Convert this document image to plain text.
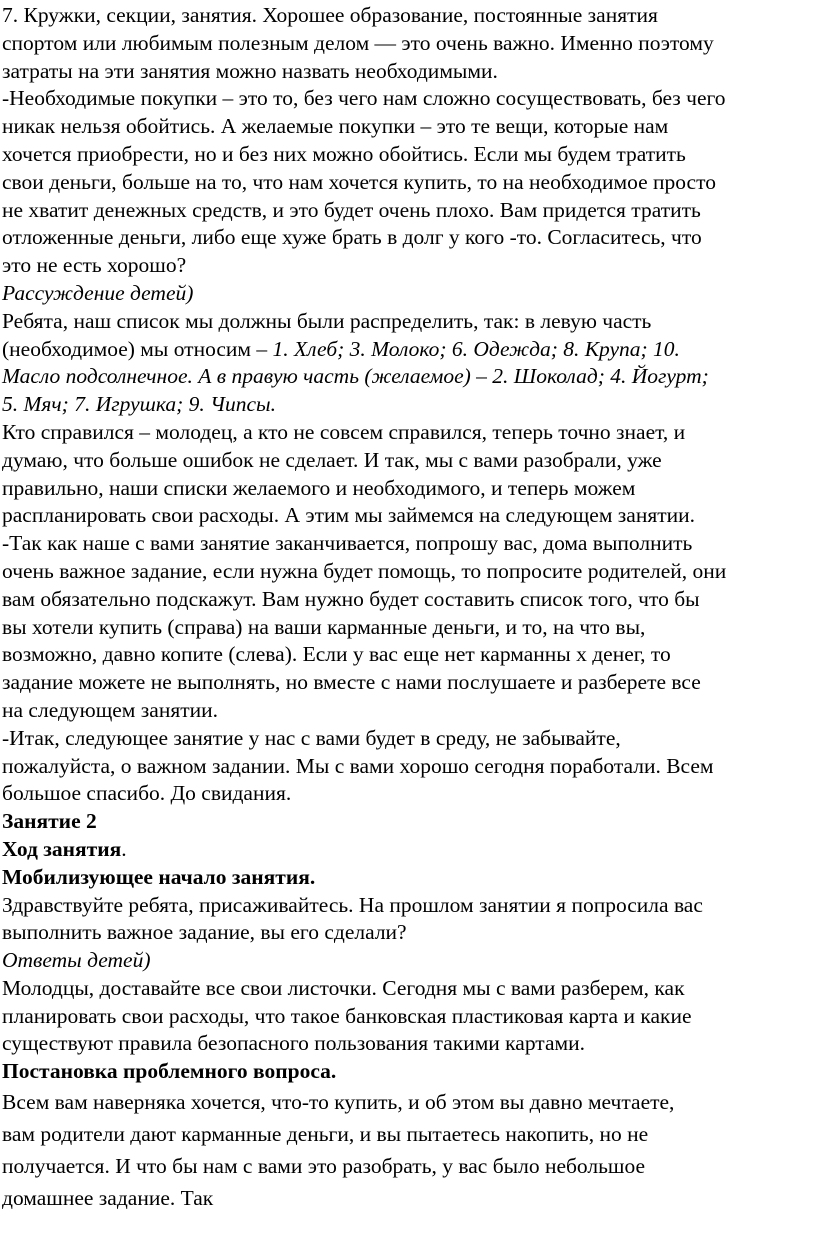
7. Кружки, секции, занятия. Хорошее образование, постоянные занятия
спортом или любимым полезным делом — это очень важно. Именно поэтому
затраты на эти занятия можно назвать необходимыми.
-Необходимые покупки – это то, без чего нам сложно сосуществовать, без чего
никак нельзя обойтись. А желаемые покупки – это те вещи, которые нам
хочется приобрести, но и без них можно обойтись. Если мы будем тратить
свои деньги, больше на то, что нам хочется купить, то на необходимое просто
не хватит денежных средств, и это будет очень плохо. Вам придется тратить
отложенные деньги, либо еще хуже брать в долг у кого -то. Согласитесь, что
это не есть хорошо?
Рассуждение детей)
Ребята, наш список мы должны были распределить, так: в левую часть
(необходимое) мы относим – 1. Хлеб; 3. Молоко; 6. Одежда; 8. Крупа; 10.
Масло подсолнечное. А в правую часть (желаемое) – 2. Шоколад; 4. Йогурт;
5. Мяч; 7. Игрушка; 9. Чипсы.
Кто справился – молодец, а кто не совсем справился, теперь точно знает, и
думаю, что больше ошибок не сделает. И так, мы с вами разобрали, уже
правильно, наши списки желаемого и необходимого, и теперь можем
распланировать свои расходы. А этим мы займемся на следующем занятии.
-Так как наше с вами занятие заканчивается, попрошу вас, дома выполнить
очень важное задание, если нужна будет помощь, то попросите родителей, они
вам обязательно подскажут. Вам нужно будет составить список того, что бы
вы хотели купить (справа) на ваши карманные деньги, и то, на что вы,
возможно, давно копите (слева). Если у вас еще нет карманны х денег, то
задание можете не выполнять, но вместе с нами послушаете и разберете все
на следующем занятии.
-Итак, следующее занятие у нас с вами будет в среду, не забывайте,
пожалуйста, о важном задании. Мы с вами хорошо сегодня поработали. Всем
большое спасибо. До свидания.
Занятие 2
Ход занятия.
Мобилизующее начало занятия.
Здравствуйте ребята, присаживайтесь. На прошлом занятии я попросила вас
выполнить важное задание, вы его сделали?
Ответы детей)
Молодцы, доставайте все свои листочки. Сегодня мы с вами разберем, как
планировать свои расходы, что такое банковская пластиковая карта и какие
существуют правила безопасного пользования такими картами.
Постановка проблемного вопроса.
Всем вам наверняка хочется, что-то купить, и об этом вы давно мечтаете,
вам родители дают карманные деньги, и вы пытаетесь накопить, но не
получается. И что бы нам с вами это разобрать, у вас было небольшое
домашнее задание. Так
